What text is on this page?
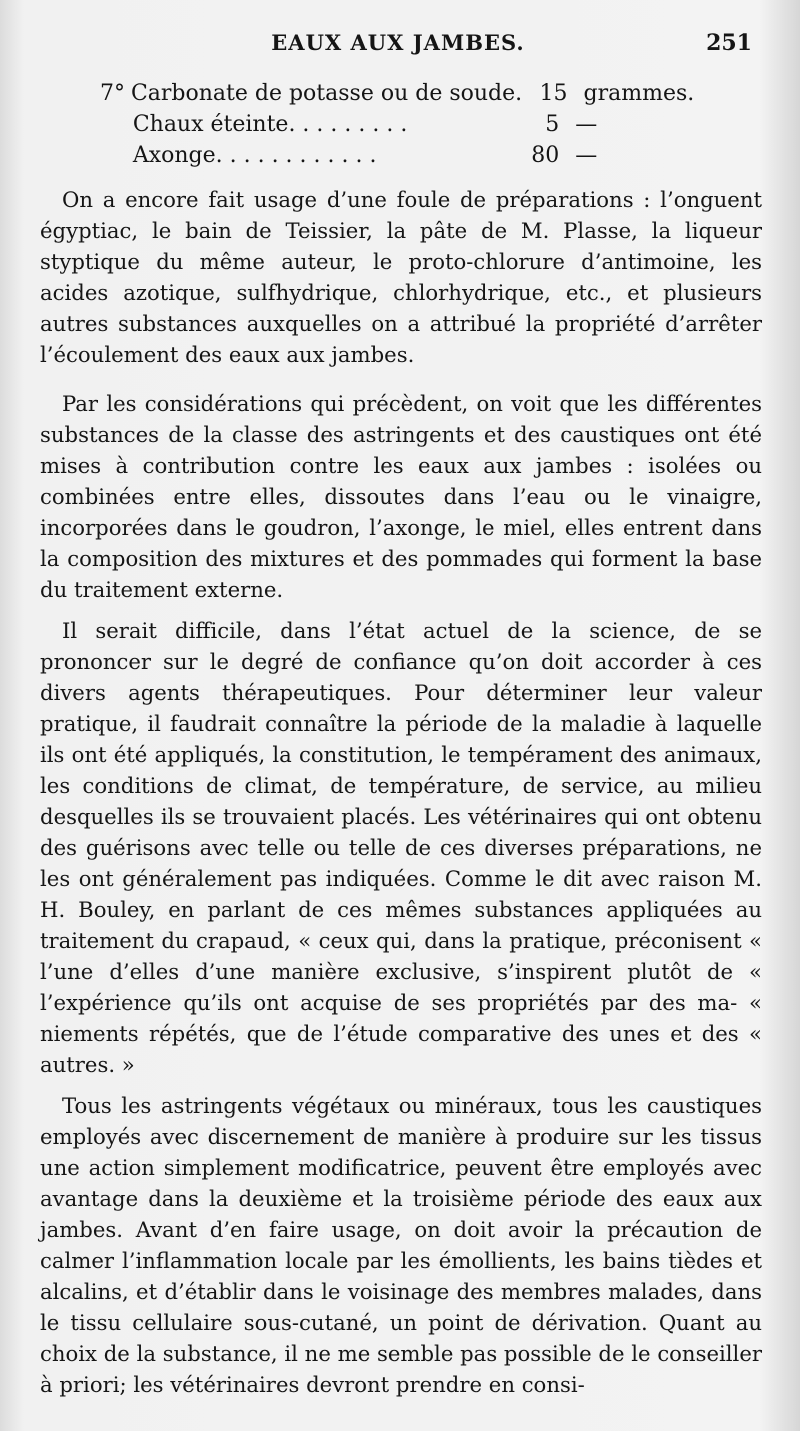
EAUX AUX JAMBES.	251
7° Carbonate de potasse ou de soude. 15 grammes.
Chaux éteinte. . . . . . . . .	5 —
Axonge. . . . . . . . . . . .	80 —

On a encore fait usage d’une foule de préparations : l’onguent égyptiac, le bain de Teissier, la pâte de M. Plasse, la liqueur styptique du même auteur, le proto-chlorure d’antimoine, les acides azotique, sulfhydrique, chlorhydrique, etc., et plusieurs autres substances auxquelles on a attribué la propriété d’arrêter l’écoulement des eaux aux jambes.

Par les considérations qui précèdent, on voit que les différentes substances de la classe des astringents et des caustiques ont été mises à contribution contre les eaux aux jambes : isolées ou combinées entre elles, dissoutes dans l’eau ou le vinaigre, incorporées dans le goudron, l’axonge, le miel, elles entrent dans la composition des mixtures et des pommades qui forment la base du traitement externe.

Il serait difficile, dans l’état actuel de la science, de se prononcer sur le degré de confiance qu’on doit accorder à ces divers agents thérapeutiques. Pour déterminer leur valeur pratique, il faudrait connaître la période de la maladie à laquelle ils ont été appliqués, la constitution, le tempérament des animaux, les conditions de climat, de température, de service, au milieu desquelles ils se trouvaient placés. Les vétérinaires qui ont obtenu des guérisons avec telle ou telle de ces diverses préparations, ne les ont généralement pas indiquées. Comme le dit avec raison M. H. Bouley, en parlant de ces mêmes substances appliquées au traitement du crapaud, « ceux qui, dans la pratique, préconisent « l’une d’elles d’une manière exclusive, s’inspirent plutôt de « l’expérience qu’ils ont acquise de ses propriétés par des ma- « niements répétés, que de l’étude comparative des unes et des « autres. »

Tous les astringents végétaux ou minéraux, tous les caustiques employés avec discernement de manière à produire sur les tissus une action simplement modificatrice, peuvent être employés avec avantage dans la deuxième et la troisième période des eaux aux jambes. Avant d’en faire usage, on doit avoir la précaution de calmer l’inflammation locale par les émollients, les bains tièdes et alcalins, et d’établir dans le voisinage des membres malades, dans le tissu cellulaire sous-cutané, un point de dérivation. Quant au choix de la substance, il ne me semble pas possible de le conseiller à priori; les vétérinaires devront prendre en consi-
